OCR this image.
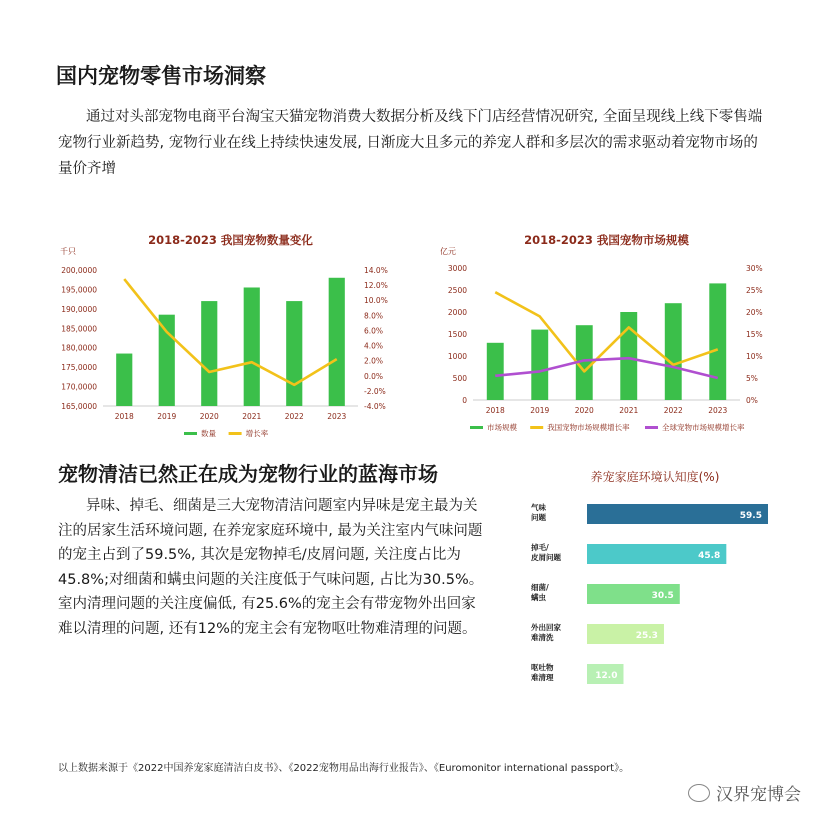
国内宠物零售市场洞察
通过对头部宠物电商平台淘宝天猫宠物消费大数据分析及线下门店经营情况研究, 全面呈现线上线下零售端宠物行业新趋势, 宠物行业在线上持续快速发展, 日渐庞大且多元的养宠人群和多层次的需求驱动着宠物市场的量价齐增
2018-2023 我国宠物数量变化
千只
200,0000
195,0000
190,0000
185,0000
180,0000
175,0000
170,0000
165,0000
14.0%
12.0%
10.0%
8.0%
6.0%
4.0%
2.0%
0.0%
-2.0%
-4.0%
2018	2019	2020	2021	2022	2023
数量	增长率
2018-2023 我国宠物市场规模
亿元
3000
2500
2000
1500
1000
500
0
30%
25%
20%
15%
10%
5%
0%
2018	2019	2020	2021	2022	2023
市场规模	我国宠物市场规模增长率	全球宠物市场规模增长率
宠物清洁已然正在成为宠物行业的蓝海市场
异味、掉毛、细菌是三大宠物清洁问题室内异味是宠主最为关注的居家生活环境问题, 在养宠家庭环境中, 最为关注室内气味问题的宠主占到了59.5%, 其次是宠物掉毛/皮屑问题, 关注度占比为45.8%;对细菌和螨虫问题的关注度低于气味问题, 占比为30.5%。室内清理问题的关注度偏低, 有25.6%的宠主会有带宠物外出回家难以清理的问题, 还有12%的宠主会有宠物呕吐物难清理的问题。
养宠家庭环境认知度(%)
气味
问题	59.5
掉毛/
皮屑问题	45.8
细菌/
螨虫	30.5
外出回家
难清洗	25.3
呕吐物
难清理	12.0
以上数据来源于《2022中国养宠家庭清洁白皮书》、《2022宠物用品出海行业报告》、《Euromonitor international passport》。
汉界宠博会
